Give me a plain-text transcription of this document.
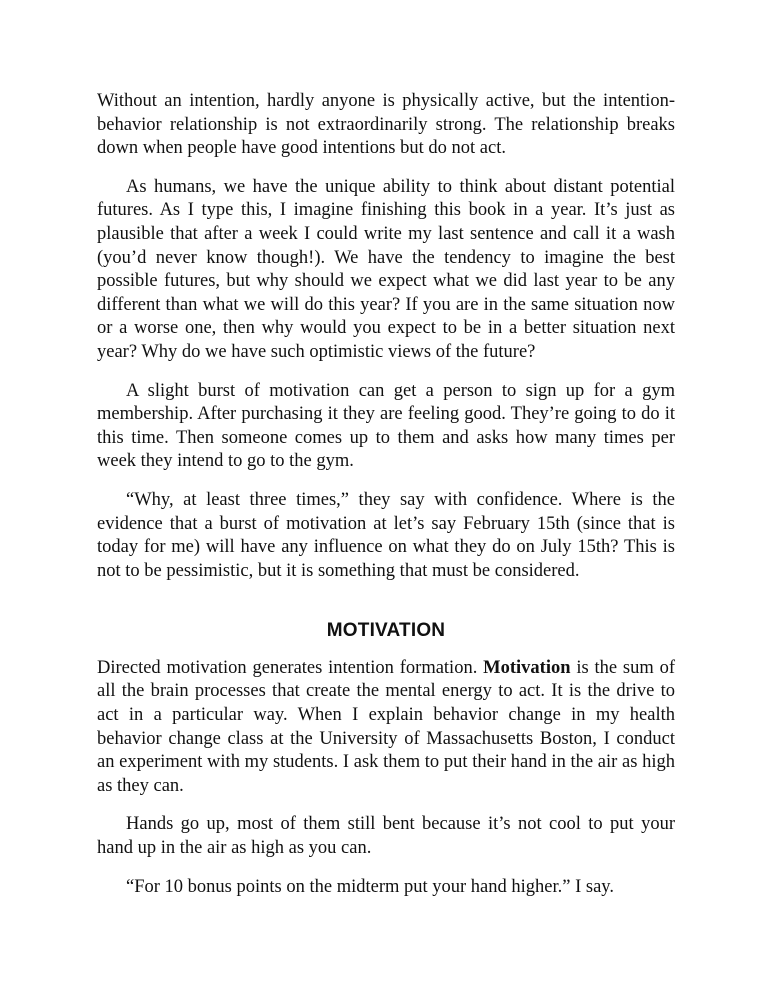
Without an intention, hardly anyone is physically active, but the intention-behavior relationship is not extraordinarily strong. The relationship breaks down when people have good intentions but do not act.

As humans, we have the unique ability to think about distant potential futures. As I type this, I imagine finishing this book in a year. It’s just as plausible that after a week I could write my last sentence and call it a wash (you’d never know though!). We have the tendency to imagine the best possible futures, but why should we expect what we did last year to be any different than what we will do this year? If you are in the same situation now or a worse one, then why would you expect to be in a better situation next year? Why do we have such optimistic views of the future?

A slight burst of motivation can get a person to sign up for a gym membership. After purchasing it they are feeling good. They’re going to do it this time. Then someone comes up to them and asks how many times per week they intend to go to the gym.

“Why, at least three times,” they say with confidence. Where is the evidence that a burst of motivation at let’s say February 15th (since that is today for me) will have any influence on what they do on July 15th? This is not to be pessimistic, but it is something that must be considered.

MOTIVATION

Directed motivation generates intention formation. Motivation is the sum of all the brain processes that create the mental energy to act. It is the drive to act in a particular way. When I explain behavior change in my health behavior change class at the University of Massachusetts Boston, I conduct an experiment with my students. I ask them to put their hand in the air as high as they can.

Hands go up, most of them still bent because it’s not cool to put your hand up in the air as high as you can.

“For 10 bonus points on the midterm put your hand higher.” I say.
